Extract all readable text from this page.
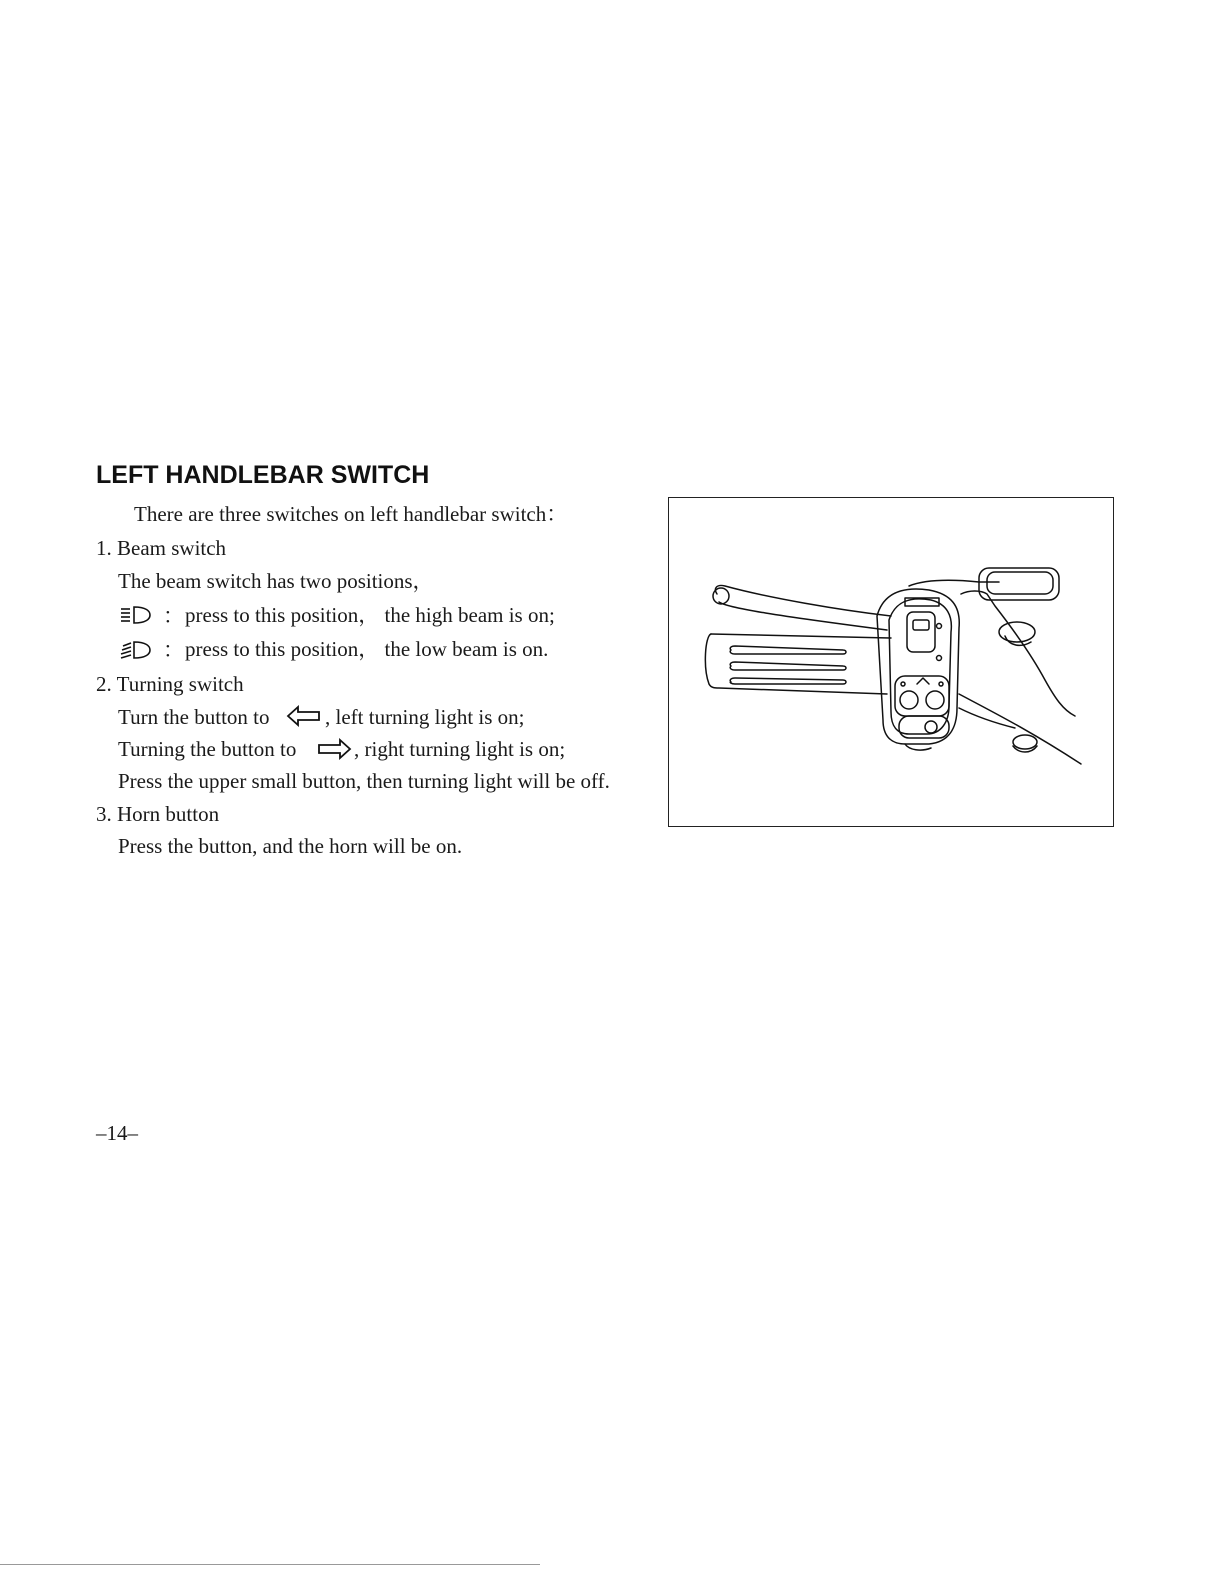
LEFT HANDLEBAR SWITCH
There are three switches on left handlebar switch：
1. Beam switch
The beam switch has two positions，
： press to this position， the high beam is on;
： press to this position， the low beam is on.
2. Turning switch
Turn the button to	, left turning light is on;
Turning the button to	, right turning light is on;
Press the upper small button, then turning light will be off.
3. Horn button
Press the button, and the horn will be on.
–14–
